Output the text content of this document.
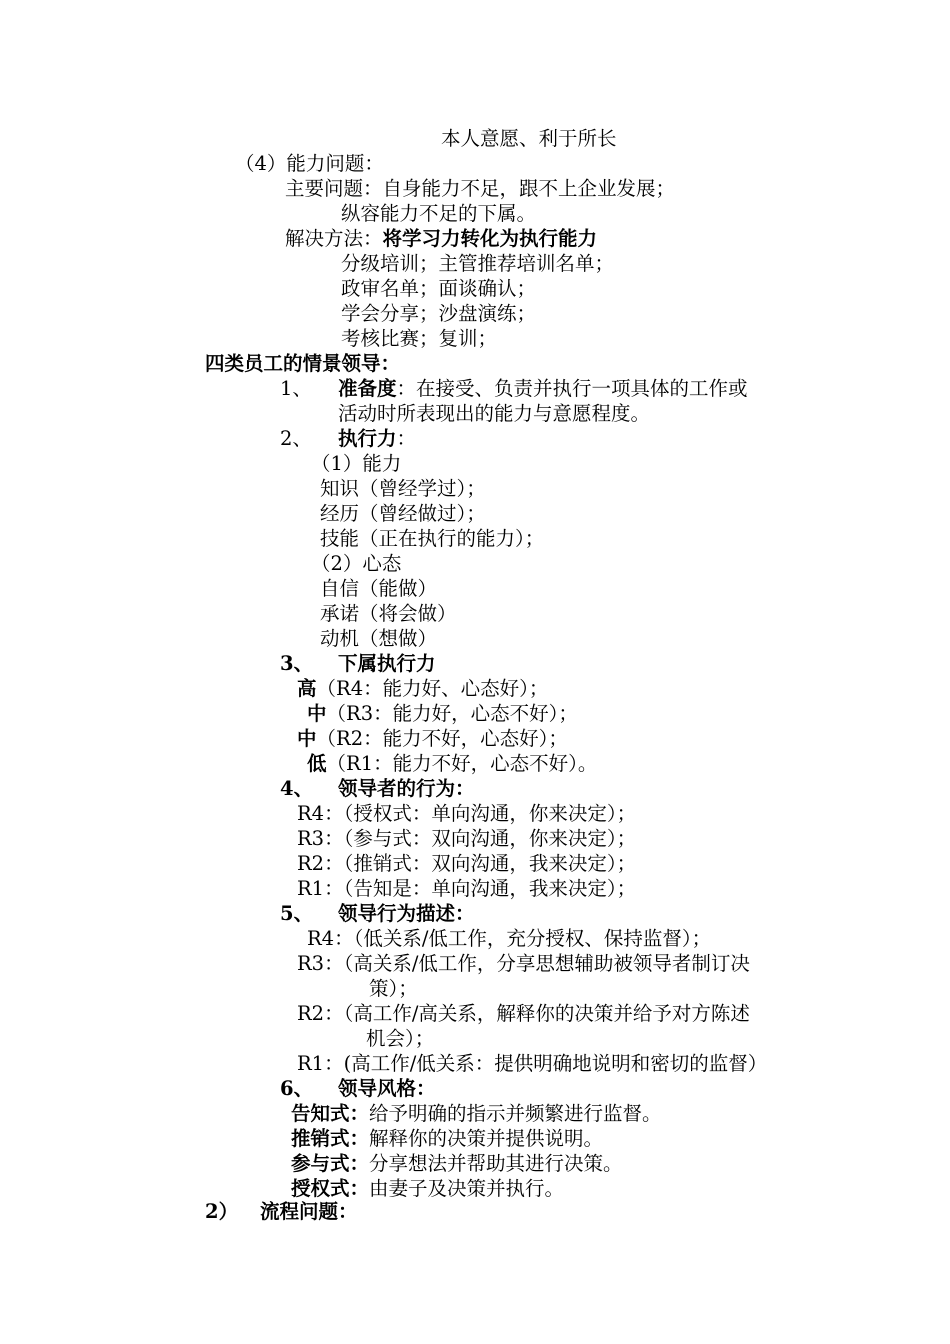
本人意愿、利于所长

（4）能力问题：

主要问题：自身能力不足，跟不上企业发展；

纵容能力不足的下属。

解决方法：将学习力转化为执行能力

分级培训；主管推荐培训名单；

政审名单；面谈确认；

学会分享；沙盘演练；

考核比赛；复训；

四类员工的情景领导：

1、 准备度：在接受、负责并执行一项具体的工作或

活动时所表现出的能力与意愿程度。

2、 执行力：

（1）能力

知识（曾经学过）；

经历（曾经做过）；

技能（正在执行的能力）；

（2）心态

自信（能做）

承诺（将会做）

动机（想做）

3、 下属执行力

高（R4：能力好、心态好）；

中（R3：能力好，心态不好）；

中（R2：能力不好，心态好）；

低（R1：能力不好，心态不好）。

4、 领导者的行为：

R4：（授权式：单向沟通，你来决定）；

R3：（参与式：双向沟通，你来决定）；

R2：（推销式：双向沟通，我来决定）；

R1：（告知是：单向沟通，我来决定）；

5、 领导行为描述：

R4：（低关系/低工作，充分授权、保持监督）；

R3：（高关系/低工作，分享思想辅助被领导者制订决

策）；

R2：（高工作/高关系，解释你的决策并给予对方陈述

机会）；

R1：(高工作/低关系：提供明确地说明和密切的监督）

6、 领导风格：

告知式：给予明确的指示并频繁进行监督。

推销式：解释你的决策并提供说明。

参与式：分享想法并帮助其进行决策。

授权式：由妻子及决策并执行。

2） 流程问题：
